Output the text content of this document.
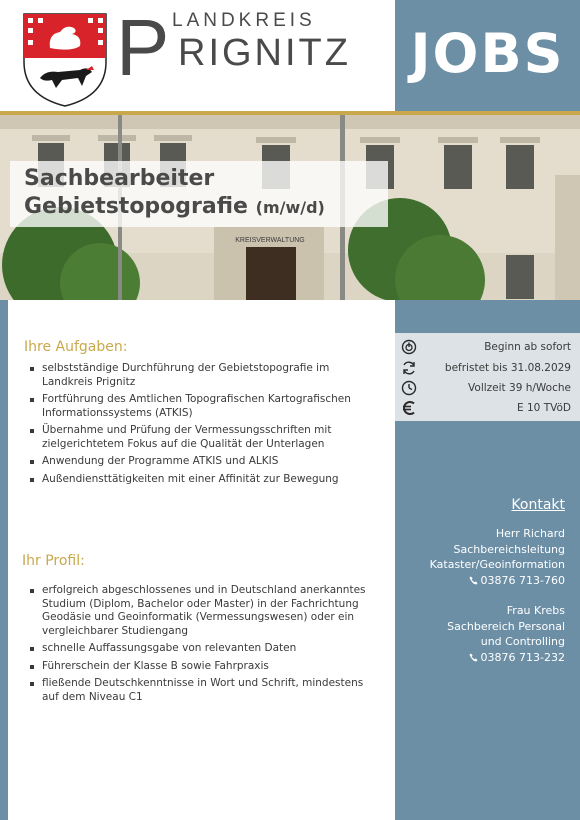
LANDKREIS
P RIGNITZ JOBS
KREISVERWALTUNG
Sachbearbeiter
Gebietstopografie (m/w/d)
Ihre Aufgaben:
selbstständige Durchführung der Gebietstopografie im Landkreis Prignitz
Fortführung des Amtlichen Topografischen Kartografischen Informationssystems (ATKIS)
Übernahme und Prüfung der Vermessungsschriften mit zielgerichtetem Fokus auf die Qualität der Unterlagen
Anwendung der Programme ATKIS und ALKIS
Außendiensttätigkeiten mit einer Affinität zur Bewegung
Ihr Profil:
erfolgreich abgeschlossenes und in Deutschland anerkanntes Studium (Diplom, Bachelor oder Master) in der Fachrichtung Geodäsie und Geoinformatik (Vermessungswesen) oder ein vergleichbarer Studiengang
schnelle Auffassungsgabe von relevanten Daten
Führerschein der Klasse B sowie Fahrpraxis
fließende Deutschkenntnisse in Wort und Schrift, mindestens auf dem Niveau C1
Beginn ab sofort
befristet bis 31.08.2029
Vollzeit 39 h/Woche
E 10 TVöD
Kontakt
Herr Richard
Sachbereichsleitung
Kataster/Geoinformation
03876 713-760
Frau Krebs
Sachbereich Personal
und Controlling
03876 713-232
